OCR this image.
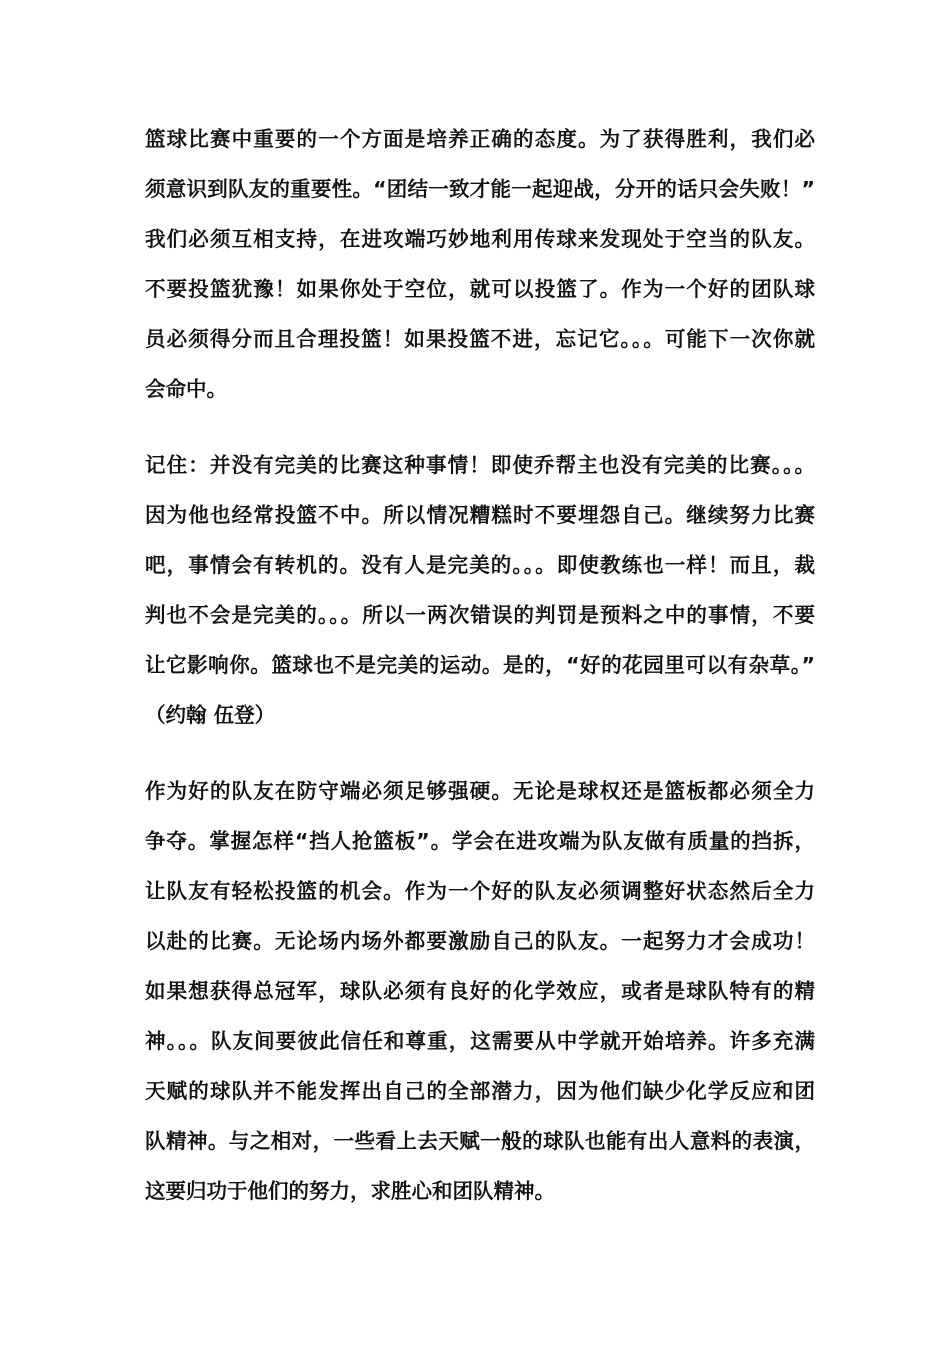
篮球比赛中重要的一个方面是培养正确的态度。为了获得胜利，我们必
须意识到队友的重要性。“团结一致才能一起迎战，分开的话只会失败！”
我们必须互相支持，在进攻端巧妙地利用传球来发现处于空当的队友。
不要投篮犹豫！如果你处于空位，就可以投篮了。作为一个好的团队球
员必须得分而且合理投篮！如果投篮不进，忘记它。。。可能下一次你就
会命中。
记住：并没有完美的比赛这种事情！即使乔帮主也没有完美的比赛。。。
因为他也经常投篮不中。所以情况糟糕时不要埋怨自己。继续努力比赛
吧，事情会有转机的。没有人是完美的。。。即使教练也一样！而且，裁
判也不会是完美的。。。所以一两次错误的判罚是预料之中的事情，不要
让它影响你。篮球也不是完美的运动。是的，“好的花园里可以有杂草。”
（约翰 伍登）
作为好的队友在防守端必须足够强硬。无论是球权还是篮板都必须全力
争夺。掌握怎样“挡人抢篮板”。学会在进攻端为队友做有质量的挡拆，
让队友有轻松投篮的机会。作为一个好的队友必须调整好状态然后全力
以赴的比赛。无论场内场外都要激励自己的队友。一起努力才会成功！
如果想获得总冠军，球队必须有良好的化学效应，或者是球队特有的精
神。。。队友间要彼此信任和尊重，这需要从中学就开始培养。许多充满
天赋的球队并不能发挥出自己的全部潜力，因为他们缺少化学反应和团
队精神。与之相对，一些看上去天赋一般的球队也能有出人意料的表演，
这要归功于他们的努力，求胜心和团队精神。
